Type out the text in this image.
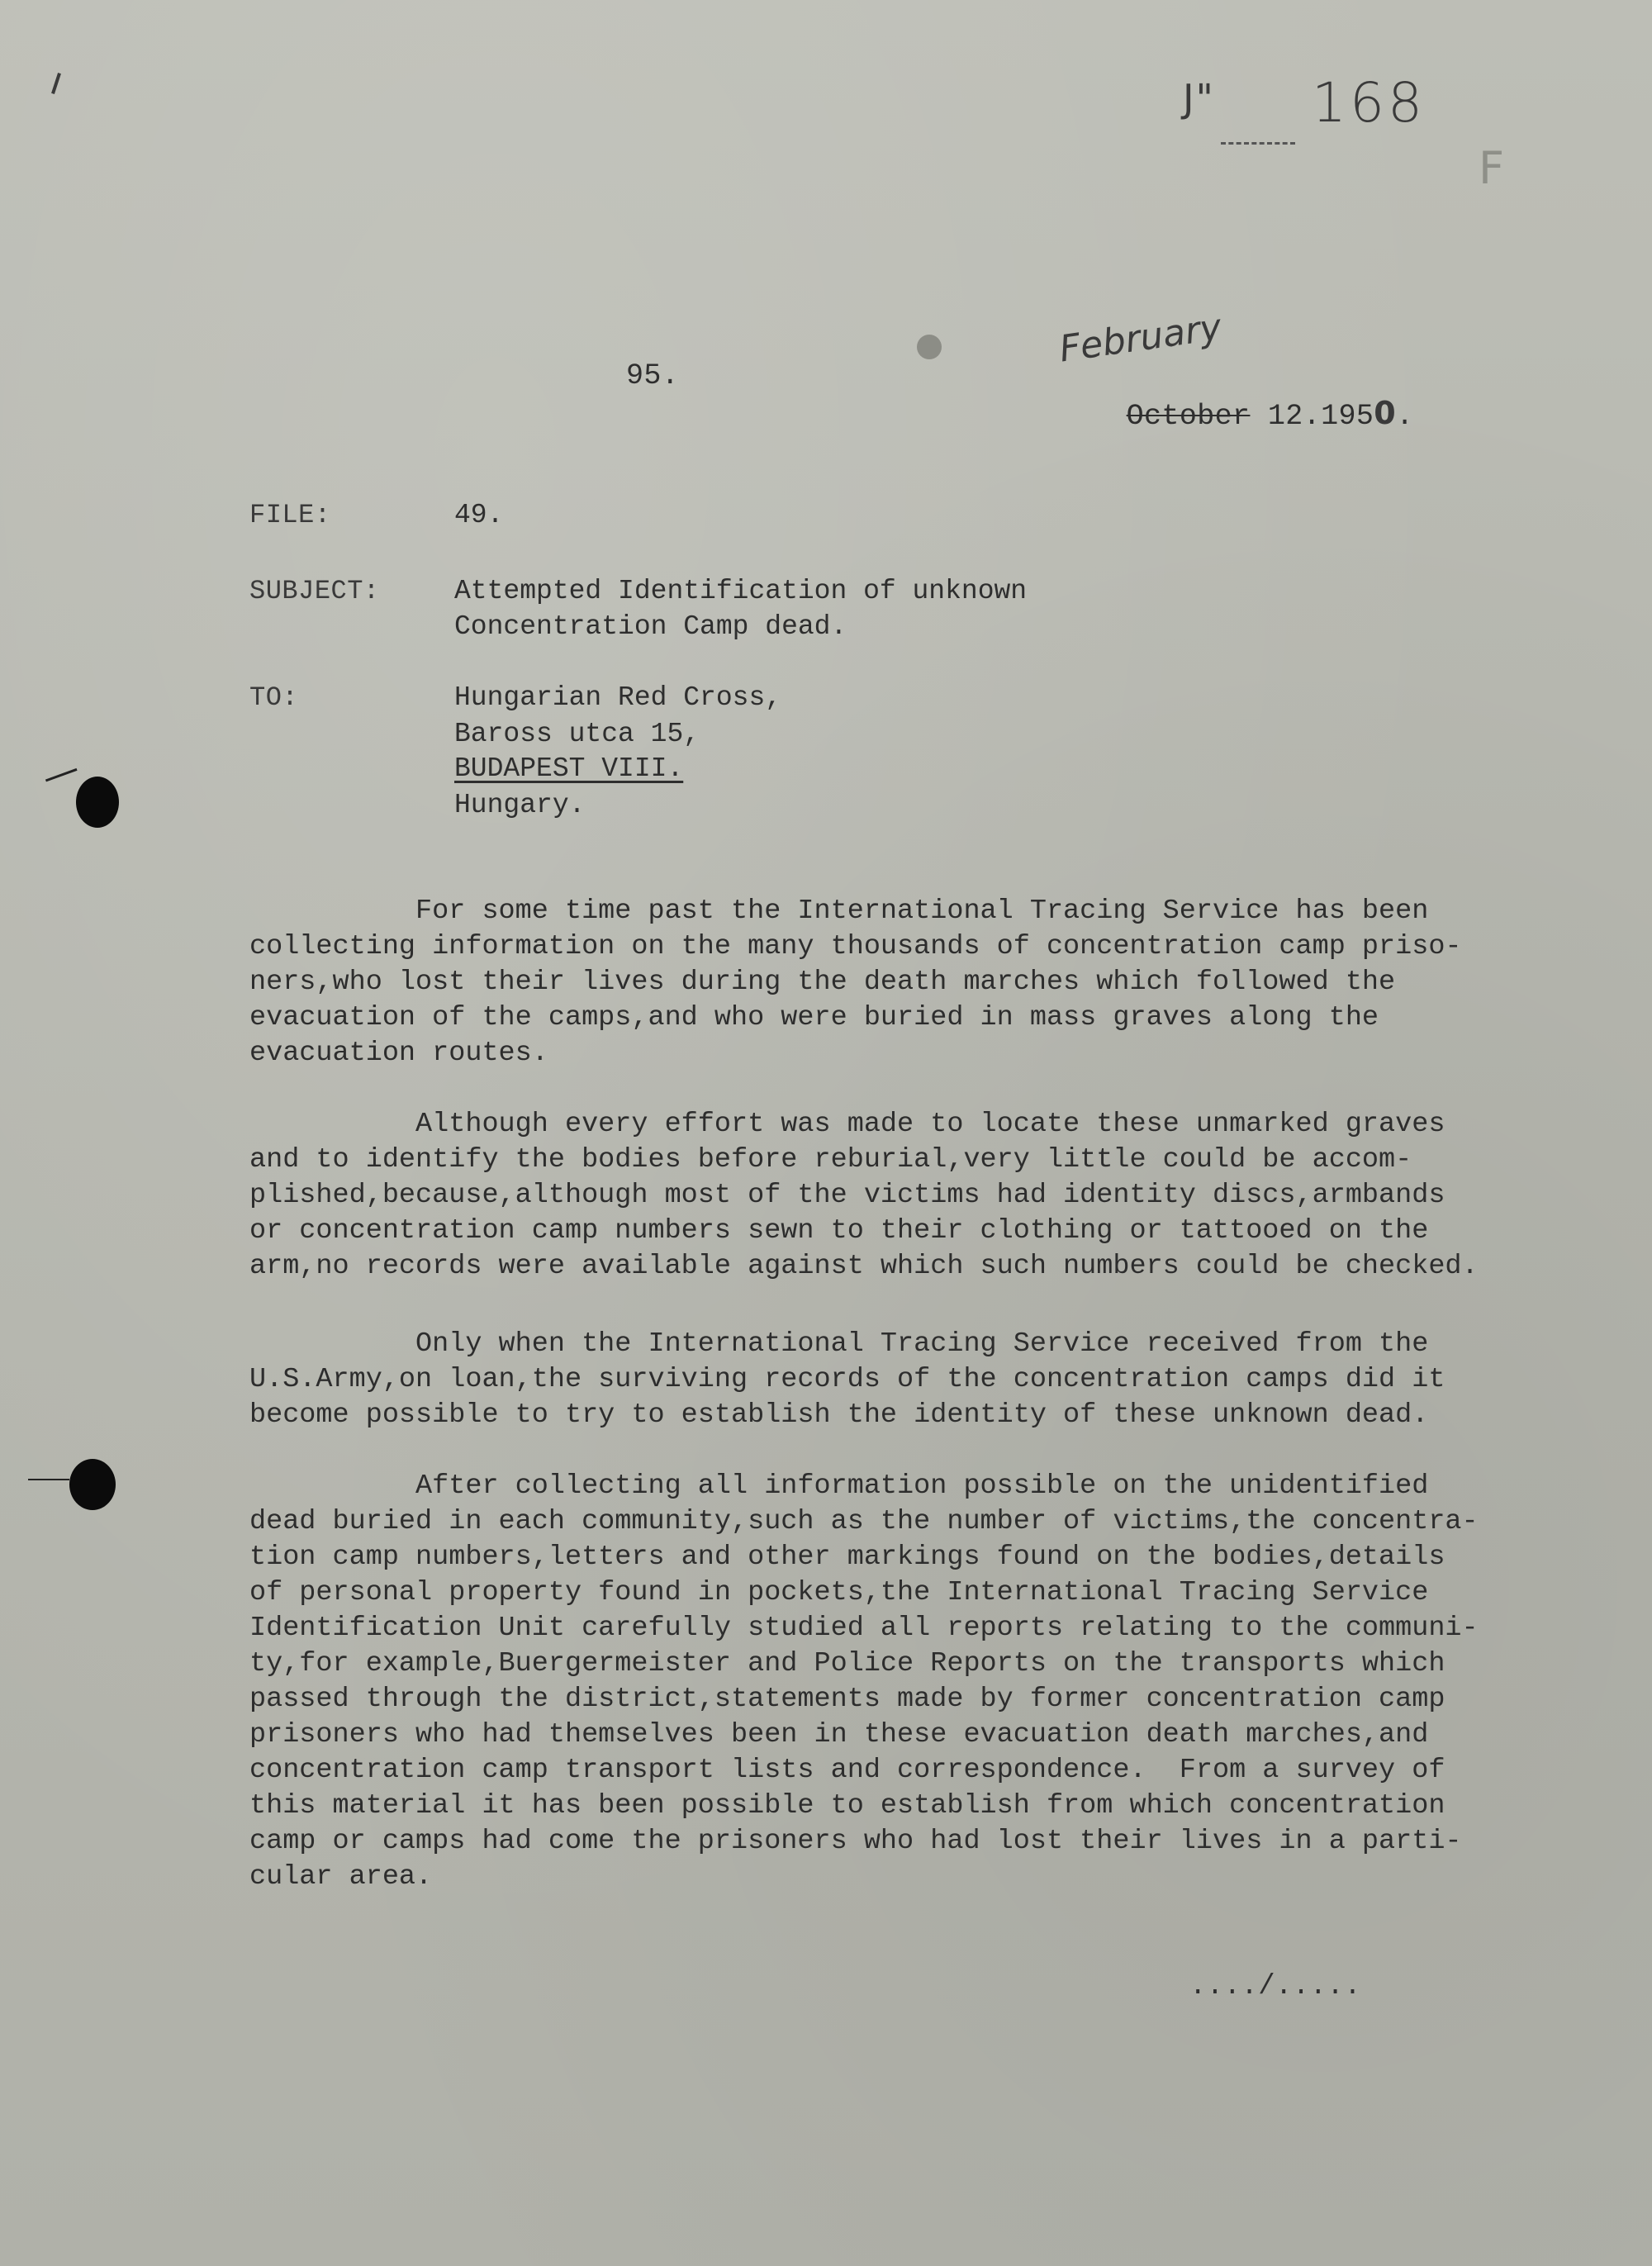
J" 168
F
95.
February

October 12.1950.

FILE:	49.
SUBJECT:	Attempted Identification of unknown
Concentration Camp dead.
TO:	Hungarian Red Cross,
Baross utca 15,
BUDAPEST VIII.
Hungary.
For some time past the International Tracing Service has been
collecting information on the many thousands of concentration camp priso-
ners,who lost their lives during the death marches which followed the
evacuation of the camps,and who were buried in mass graves along the
evacuation routes.
Although every effort was made to locate these unmarked graves
and to identify the bodies before reburial,very little could be accom-
plished,because,although most of the victims had identity discs,armbands
or concentration camp numbers sewn to their clothing or tattooed on the
arm,no records were available against which such numbers could be checked.
Only when the International Tracing Service received from the
U.S.Army,on loan,the surviving records of the concentration camps did it
become possible to try to establish the identity of these unknown dead.
After collecting all information possible on the unidentified
dead buried in each community,such as the number of victims,the concentra-
tion camp numbers,letters and other markings found on the bodies,details
of personal property found in pockets,the International Tracing Service
Identification Unit carefully studied all reports relating to the communi-
ty,for example,Buergermeister and Police Reports on the transports which
passed through the district,statements made by former concentration camp
prisoners who had themselves been in these evacuation death marches,and
concentration camp transport lists and correspondence.  From a survey of
this material it has been possible to establish from which concentration
camp or camps had come the prisoners who had lost their lives in a parti-
cular area.
..../.....
